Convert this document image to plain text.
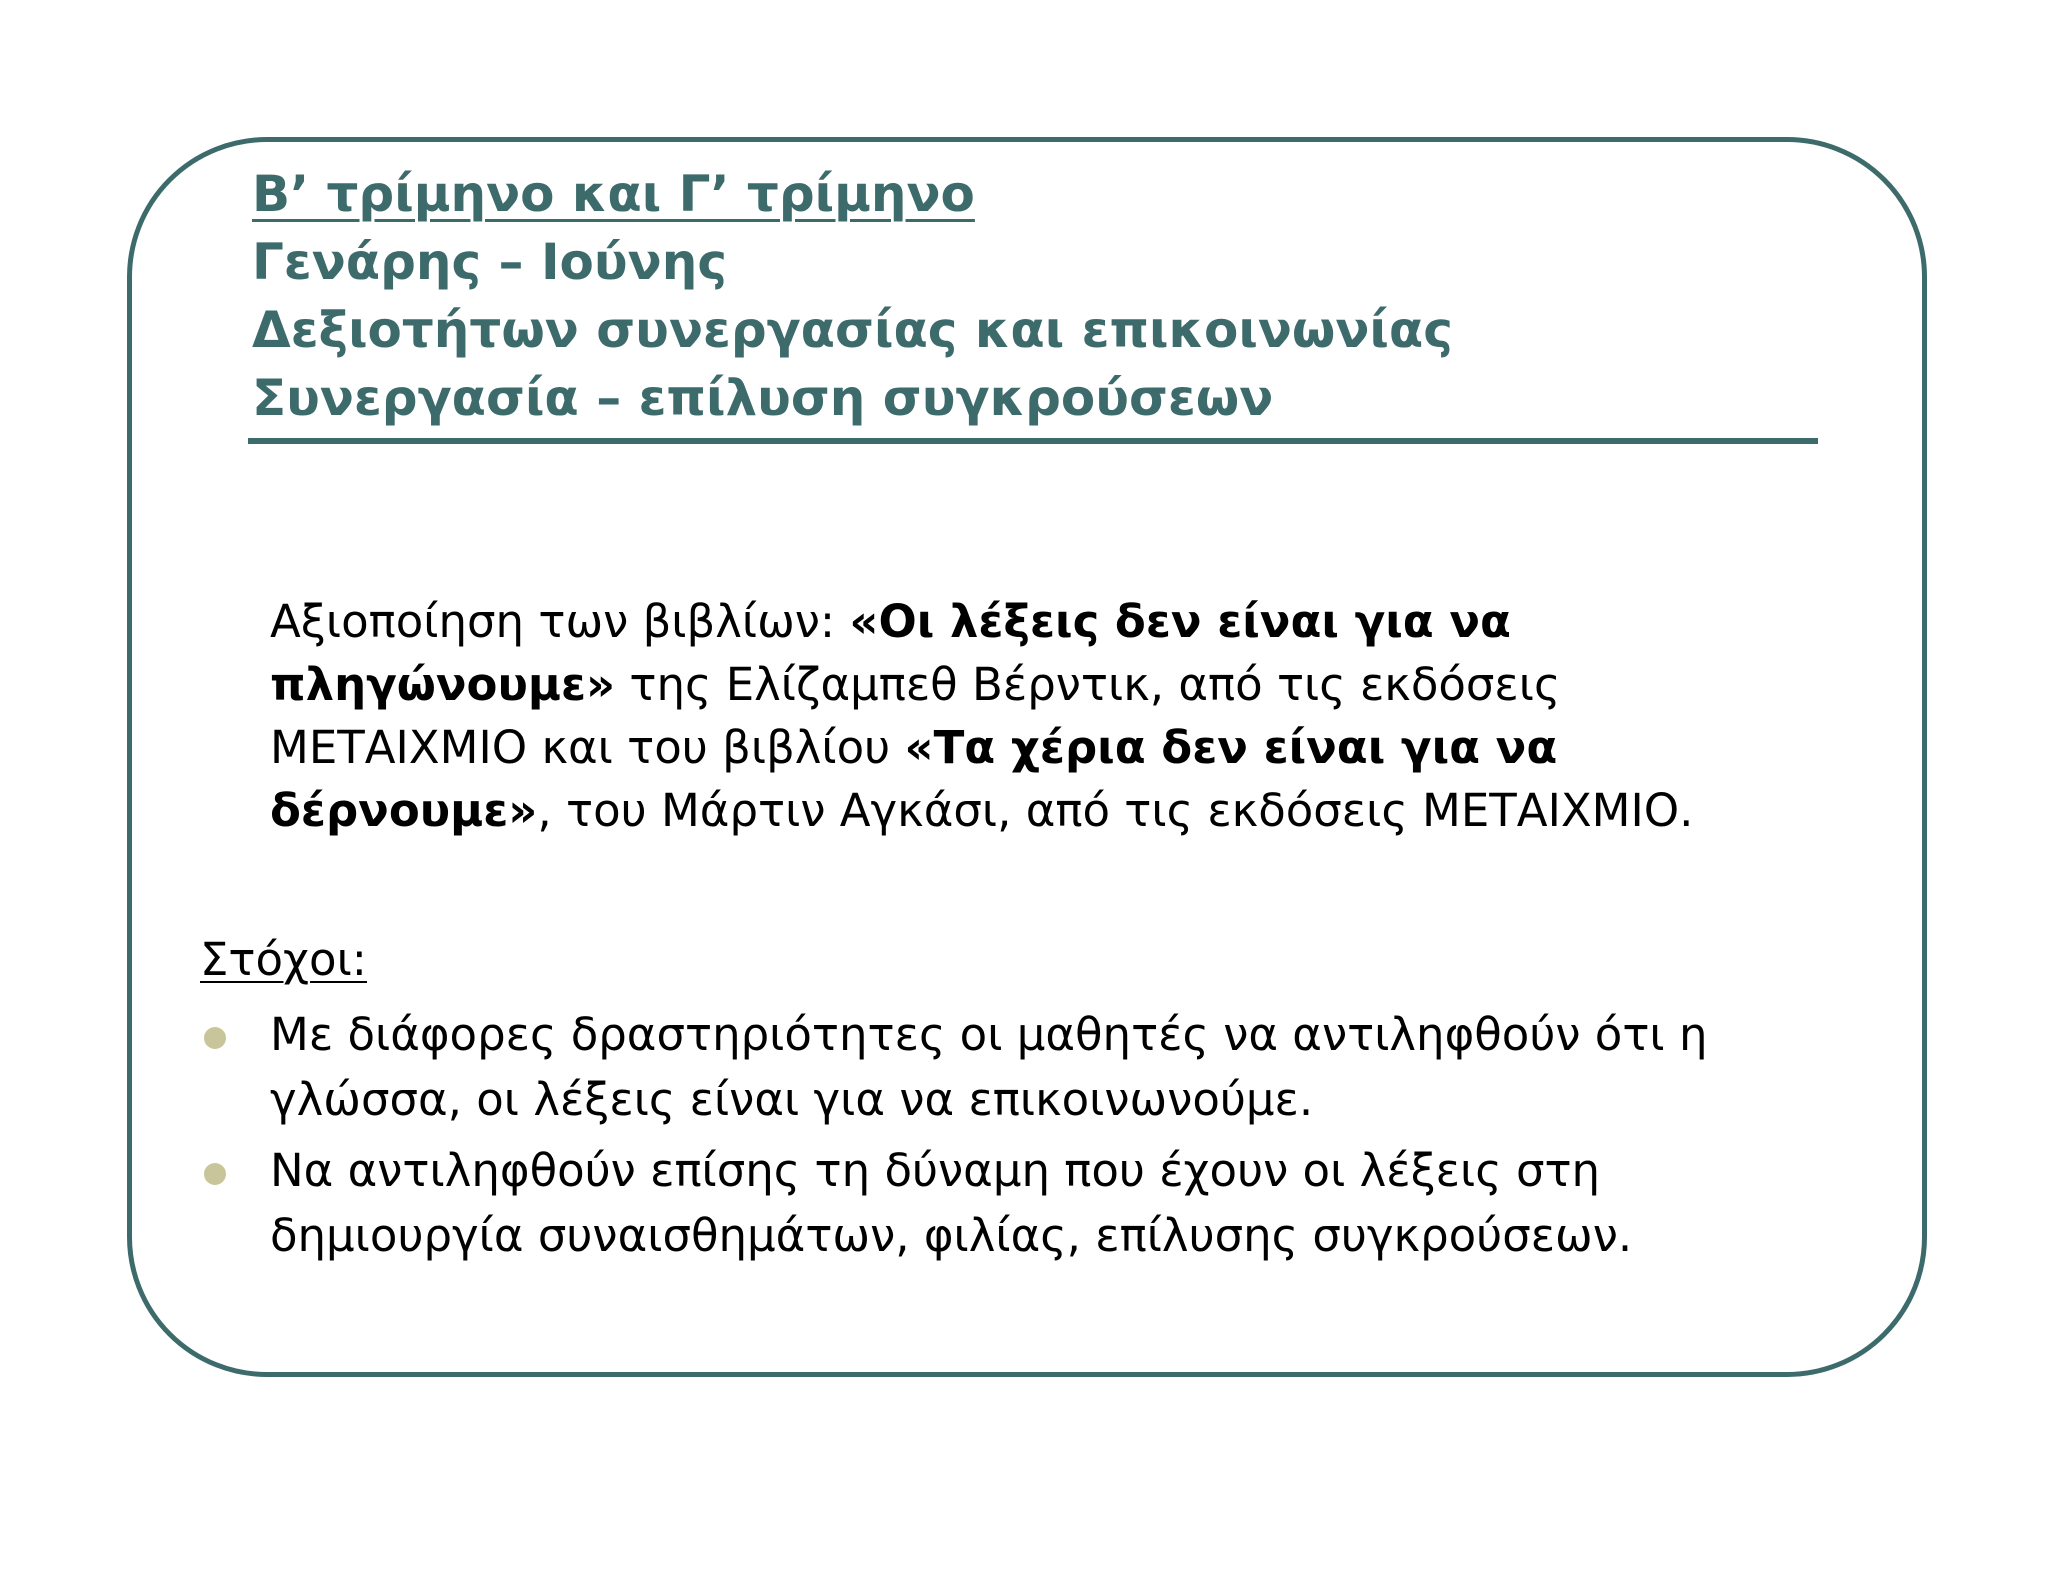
Β’ τρίμηνο και Γ’ τρίμηνο
Γενάρης – Ιούνης
Δεξιοτήτων συνεργασίας και επικοινωνίας
Συνεργασία – επίλυση συγκρούσεων
Αξιοποίηση των βιβλίων: «Οι λέξεις δεν είναι για να πληγώνουμε» της Ελίζαμπεθ Βέρντικ, από τις εκδόσεις ΜΕΤΑΙΧΜΙΟ και του βιβλίου «Τα χέρια δεν είναι για να δέρνουμε», του Μάρτιν Αγκάσι, από τις εκδόσεις ΜΕΤΑΙΧΜΙΟ.
Στόχοι:
Με διάφορες δραστηριότητες οι μαθητές να αντιληφθούν ότι η γλώσσα, οι λέξεις είναι για να επικοινωνούμε.
Να αντιληφθούν επίσης τη δύναμη που έχουν οι λέξεις στη δημιουργία συναισθημάτων, φιλίας, επίλυσης συγκρούσεων.
